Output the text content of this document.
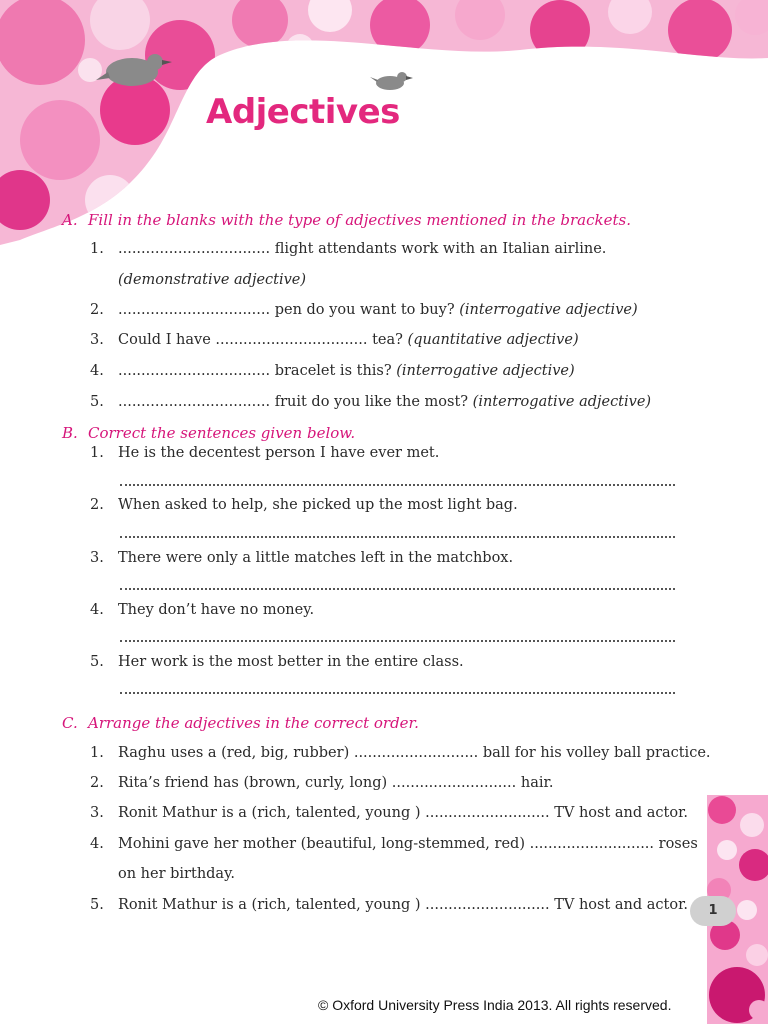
Adjectives
A. Fill in the blanks with the type of adjectives mentioned in the brackets.
1. ................................. flight attendants work with an Italian airline.
(demonstrative adjective)
2. ................................. pen do you want to buy? (interrogative adjective)
3. Could I have ................................. tea? (quantitative adjective)
4. ................................. bracelet is this? (interrogative adjective)
5. ................................. fruit do you like the most? (interrogative adjective)
B. Correct the sentences given below.
1. He is the decentest person I have ever met.
2. When asked to help, she picked up the most light bag.
3. There were only a little matches left in the matchbox.
4. They don’t have no money.
5. Her work is the most better in the entire class.
C. Arrange the adjectives in the correct order.
1. Raghu uses a (red, big, rubber) ........................... ball for his volley ball practice.
2. Rita’s friend has (brown, curly, long) ........................... hair.
3. Ronit Mathur is a (rich, talented, young ) ........................... TV host and actor.
4. Mohini gave her mother (beautiful, long-stemmed, red) ........................... roses
on her birthday.
5. Ronit Mathur is a (rich, talented, young ) ........................... TV host and actor.	1
© Oxford University Press India 2013. All rights reserved.
